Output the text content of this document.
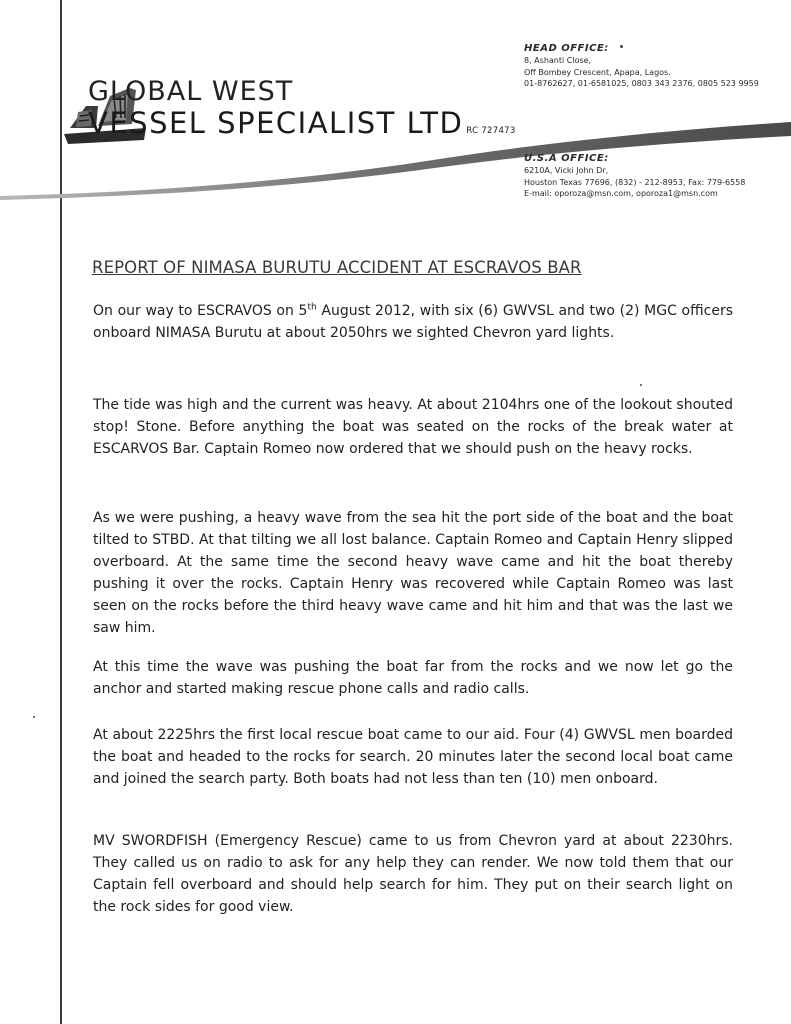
GLOBAL WEST
VESSEL SPECIALIST LTD RC 727473
HEAD OFFICE:
8, Ashanti Close,
Off Bombey Crescent, Apapa, Lagos.
01-8762627, 01-6581025, 0803 343 2376, 0805 523 9959
U.S.A OFFICE:
6210A, Vicki John Dr,
Houston Texas 77696, (832) - 212-8953, Fax: 779-6558
E-mail: oporoza@msn.com, oporoza1@msn.com
REPORT OF NIMASA BURUTU ACCIDENT AT ESCRAVOS BAR

On our way to ESCRAVOS on 5th August 2012, with six (6) GWVSL and two (2) MGC officers onboard NIMASA Burutu at about 2050hrs we sighted Chevron yard lights.

The tide was high and the current was heavy. At about 2104hrs one of the lookout shouted stop! Stone. Before anything the boat was seated on the rocks of the break water at ESCARVOS Bar. Captain Romeo now ordered that we should push on the heavy rocks.

As we were pushing, a heavy wave from the sea hit the port side of the boat and the boat tilted to STBD. At that tilting we all lost balance. Captain Romeo and Captain Henry slipped overboard. At the same time the second heavy wave came and hit the boat thereby pushing it over the rocks. Captain Henry was recovered while Captain Romeo was last seen on the rocks before the third heavy wave came and hit him and that was the last we saw him.

At this time the wave was pushing the boat far from the rocks and we now let go the anchor and started making rescue phone calls and radio calls.

At about 2225hrs the first local rescue boat came to our aid. Four (4) GWVSL men boarded the boat and headed to the rocks for search. 20 minutes later the second local boat came and joined the search party. Both boats had not less than ten (10) men onboard.

MV SWORDFISH (Emergency Rescue) came to us from Chevron yard at about 2230hrs. They called us on radio to ask for any help they can render. We now told them that our Captain fell overboard and should help search for him. They put on their search light on the rock sides for good view.
